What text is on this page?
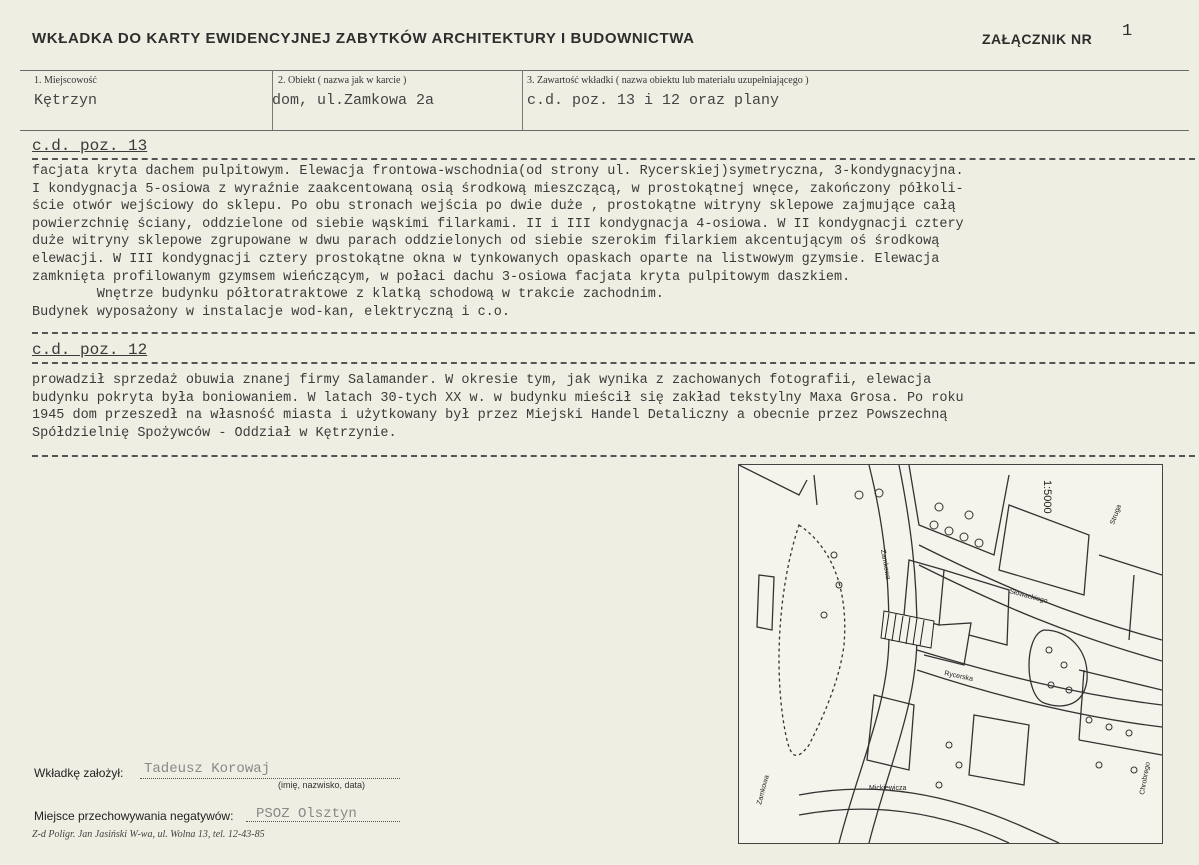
WKŁADKA DO KARTY EWIDENCYJNEJ ZABYTKÓW ARCHITEKTURY I BUDOWNICTWA	ZAŁĄCZNIK NR 1
1. Miejscowość
Kętrzyn
2. Obiekt ( nazwa jak w karcie )
dom, ul.Zamkowa 2a
3. Zawartość wkładki ( nazwa obiektu lub materiału uzupełniającego )
c.d. poz. 13 i 12 oraz plany
c.d. poz. 13
facjata kryta dachem pulpitowym. Elewacja frontowa-wschodnia(od strony ul. Rycerskiej)symetryczna, 3-kondygnacyjna.
I kondygnacja 5-osiowa z wyraźnie zaakcentowaną osią środkową mieszczącą, w prostokątnej wnęce, zakończony półkoli-
ście otwór wejściowy do sklepu. Po obu stronach wejścia po dwie duże , prostokątne witryny sklepowe zajmujące całą
powierzchnię ściany, oddzielone od siebie wąskimi filarkami. II i III kondygnacja 4-osiowa. W II kondygnacji cztery
duże witryny sklepowe zgrupowane w dwu parach oddzielonych od siebie szerokim filarkiem akcentującym oś środkową
elewacji. W III kondygnacji cztery prostokątne okna w tynkowanych opaskach oparte na listwowym gzymsie. Elewacja
zamknięta profilowanym gzymsem wieńczącym, w połaci dachu 3-osiowa facjata kryta pulpitowym daszkiem.
Wnętrze budynku półtoratraktowe z klatką schodową w trakcie zachodnim.
Budynek wyposażony w instalacje wod-kan, elektryczną i c.o.
c.d. poz. 12
prowadził sprzedaż obuwia znanej firmy Salamander. W okresie tym, jak wynika z zachowanych fotografii, elewacja
budynku pokryta była boniowaniem. W latach 30-tych XX w. w budynku mieścił się zakład tekstylny Maxa Grosa. Po roku
1945 dom przeszedł na własność miasta i użytkowany był przez Miejski Handel Detaliczny a obecnie przez Powszechną
Spółdzielnię Spożywców - Oddział w Kętrzynie.
1:5000
Zamkowa
Struga
Słowackiego
Rycerska
Mickiewicza	Chrobrego
Zamkowa
Wkładkę założył: Tadeusz Korowaj
(imię, nazwisko, data)
Miejsce przechowywania negatywów: PSOZ Olsztyn
Z-d Poligr. Jan Jasiński W-wa, ul. Wolna 13, tel. 12-43-85
